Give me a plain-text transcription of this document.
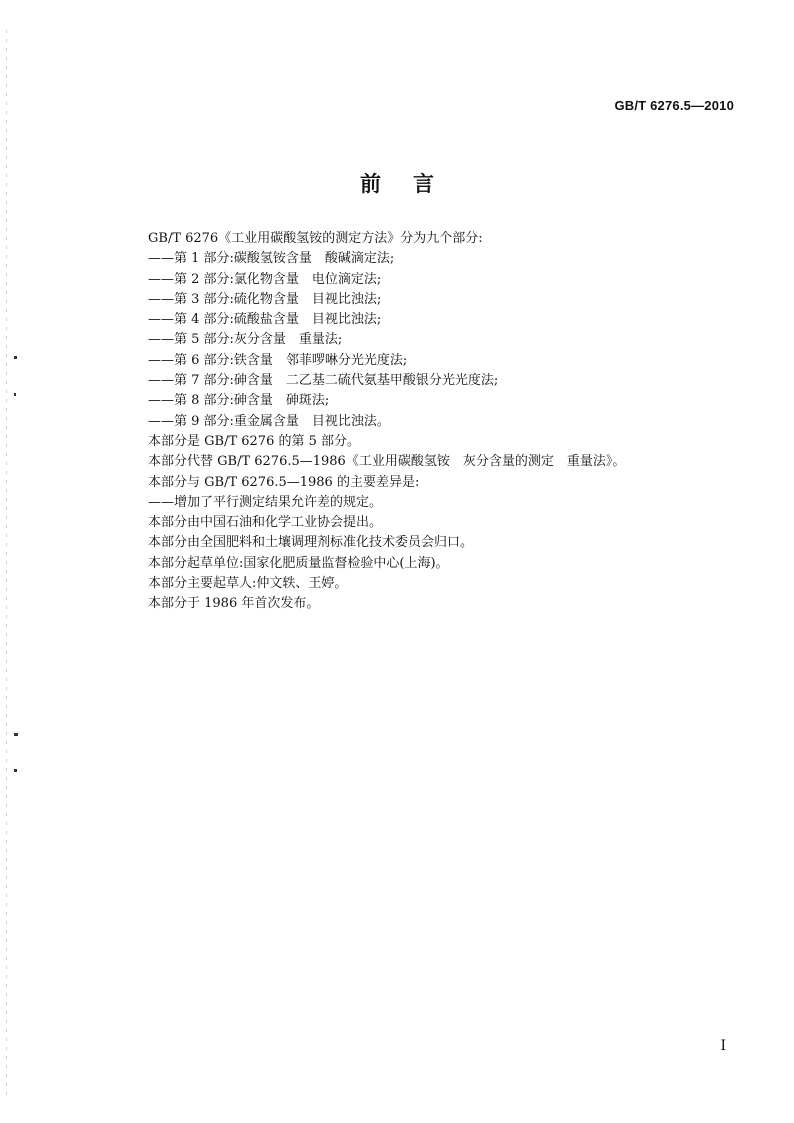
GB/T 6276.5—2010
前言
GB/T 6276《工业用碳酸氢铵的测定方法》分为九个部分:
——第 1 部分:碳酸氢铵含量　酸碱滴定法;
——第 2 部分:氯化物含量　电位滴定法;
——第 3 部分:硫化物含量　目视比浊法;
——第 4 部分:硫酸盐含量　目视比浊法;
——第 5 部分:灰分含量　重量法;
——第 6 部分:铁含量　邻菲啰啉分光光度法;
——第 7 部分:砷含量　二乙基二硫代氨基甲酸银分光光度法;
——第 8 部分:砷含量　砷斑法;
——第 9 部分:重金属含量　目视比浊法。
本部分是 GB/T 6276 的第 5 部分。
本部分代替 GB/T 6276.5—1986《工业用碳酸氢铵　灰分含量的测定　重量法》。
本部分与 GB/T 6276.5—1986 的主要差异是:
——增加了平行测定结果允许差的规定。
本部分由中国石油和化学工业协会提出。
本部分由全国肥料和土壤调理剂标准化技术委员会归口。
本部分起草单位:国家化肥质量监督检验中心(上海)。
本部分主要起草人:仲文轶、王婷。
本部分于 1986 年首次发布。
I
